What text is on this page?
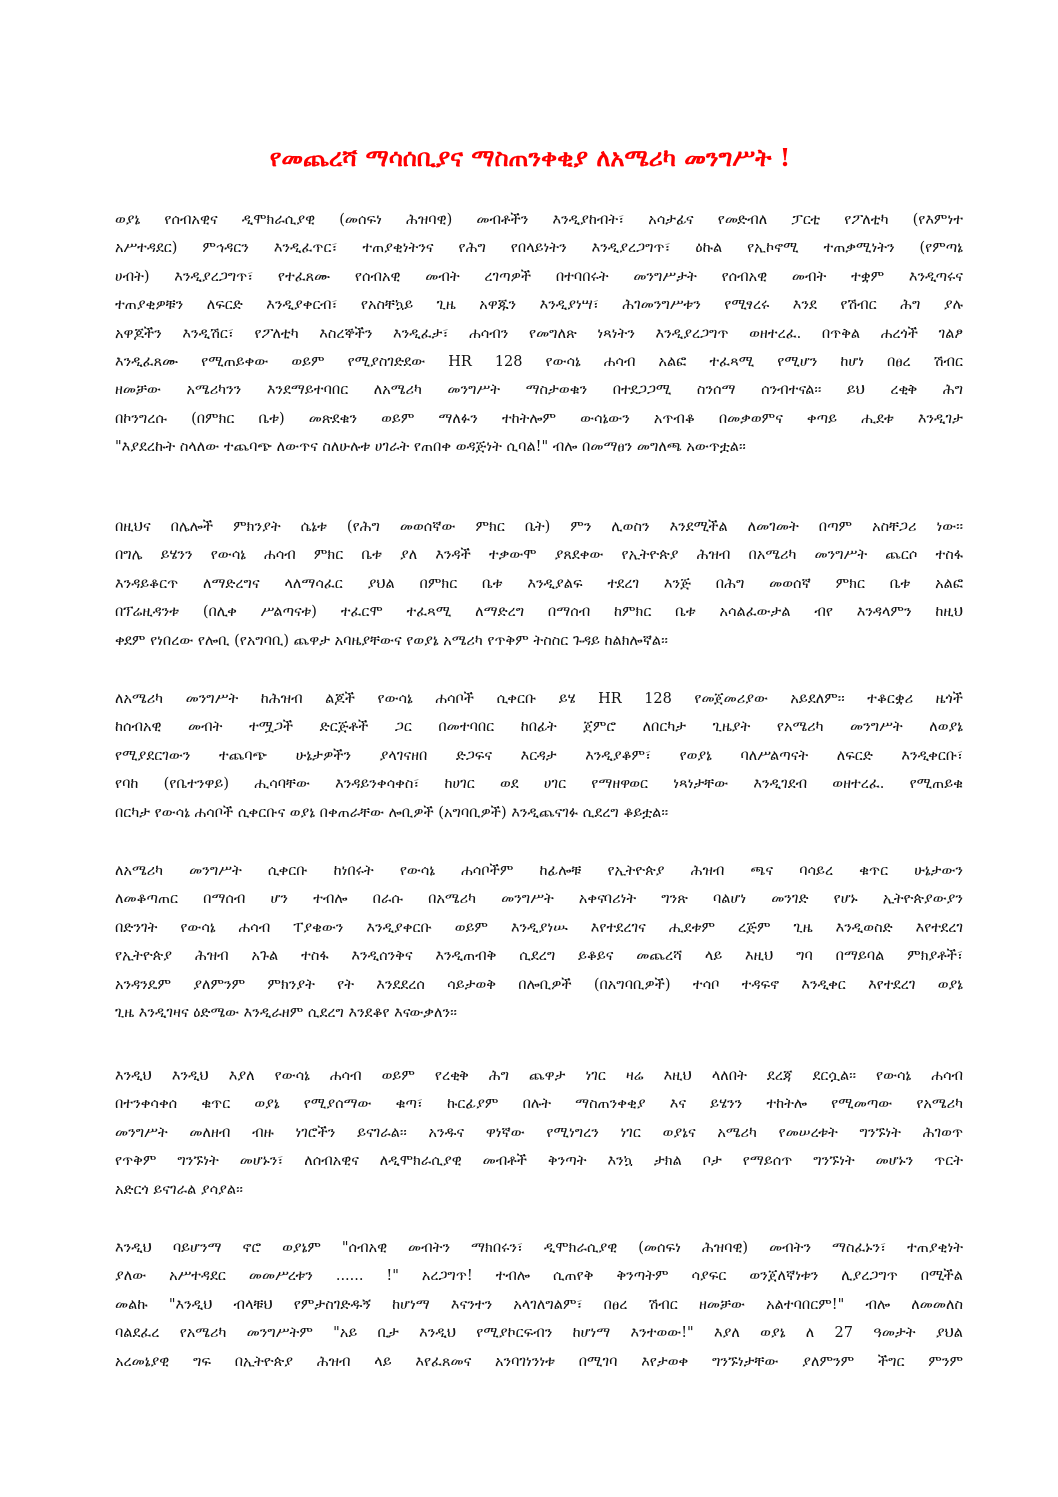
የመጨረሻ ማሳሰቢያና ማስጠንቀቂያ ለአሜሪካ መንግሥት !
ወያኔ የሰብአዊና ዲሞክራሲያዊ (መሰፍነ ሕዝባዊ) መብቶችን እንዲያከብት፣ አሳታፊና የመድብለ ፓርቲ የፖለቲካ (የእምነተ
አሥተዳደር) ምኅዳርን እንዲፈጥር፣ ተጠያቂነትንና የሕግ የበላይነትን እንዲያረጋግጥ፣ ዕኩል የኢኮኖሚ ተጠቃሚነትን (የምጣኔ
ሀብት) እንዲያረጋግጥ፣ የተፈጸሙ የሰብአዊ መብት ረገጣዎች በተባበሩት መንግሥታት የሰብአዊ መብት ተቋም እንዲጣሩና
ተጠያቂዎቹን ለፍርድ እንዲያቀርብ፣ የአስቸኳይ ጊዜ አዋጁን እንዲያነሣ፣ ሕገመንግሥቱን የሚፃረሩ እንደ የሽብር ሕግ ያሉ
አዋጆችን እንዲሽር፣ የፖለቲካ እስረኞችን እንዲፈታ፣ ሐሳብን የመግለጽ ነጻነትን እንዲያረጋግጥ ወዘተረፈ. በጥቅል ሐረጎች ገልፆ
እንዲፈጸሙ የሚጠይቀው ወይም የሚያስገድደው HR 128 የውሳኔ ሐሳብ አልፎ ተፈጻሚ የሚሆን ከሆነ በፀረ ሽብር
ዘመቻው አሜሪካንን እንደማይተባበር ለአሜሪካ መንግሥት ማስታወቁን በተደጋጋሚ ስንሰማ ሰንብተናል፡፡ ይህ ረቂቅ ሕግ
በኮንግረሱ (በምክር ቤቱ) መጽደቁን ወይም ማለፉን ተከትሎም ውሳኔውን አጥብቆ በመቃወምና ቀጣይ ሒደቱ እንዲገታ
"እያደረኩት ስላለው ተጨባጭ ለውጥና ስለሁሉቱ ሀገራት የጠበቀ ወዳጅነት ሲባል!" ብሎ በመማፀን መግለጫ አውጥቷል፡፡
በዚህና በሌሎች ምክንያት ሴኔቱ (የሕግ መወሰኛው ምክር ቤት) ምን ሊወስን እንደሚችል ለመገመት በጣም አስቸጋሪ ነው፡፡
በግሌ ይሄንን የውሳኔ ሐሳብ ምክር ቤቱ ያለ እንዳች ተቃውሞ ያጸደቀው የኢትዮጵያ ሕዝብ በአሜሪካ መንግሥት ጨርሶ ተስፋ
እንዳይቆርጥ ለማድረግና ላለማሳፈር ያህል በምክር ቤቱ እንዲያልፍ ተደረገ እንጅ በሕግ መወሰኛ ምክር ቤቱ አልፎ
በፕሬዚዳንቱ (በሊቀ ሥልጣናቱ) ተፈርሞ ተፈጻሚ ለማድረግ በማሰብ ከምክር ቤቱ አሳልፈውታል ብየ እንዳላምን ከዚህ
ቀደም የነበረው የሎቢ (የአግባቢ) ጨዋታ አባዜያቸውና የወያኔ አሜሪካ የጥቅም ትስስር ጉዳይ ከልክሎኛል፡፡
ለአሜሪካ መንግሥት ከሕዝብ ልጆች የውሳኔ ሐሳቦች ሲቀርቡ ይሄ HR 128 የመጀመሪያው አይደለም፡፡ ተቆርቋሪ ዜጎች
ከሰብአዊ መብት ተሟጋች ድርጅቶች ጋር በመተባበር ከበፊት ጀምሮ ለበርካታ ጊዜያት የአሜሪካ መንግሥት ለወያኔ
የሚያደርገውን ተጨባጭ ሁኔታዎችን ያላገናዘበ ድጋፍና እርዳታ እንዲያቆም፣ የወያኔ ባለሥልጣናት ለፍርድ እንዲቀርቡ፣
የባከ (የቤተንዋይ) ሒሳባቸው እንዳይንቀሳቀስ፣ ከሀገር ወደ ሀገር የማዘዋወር ነጻነታቸው እንዲገደብ ወዘተረፈ. የሚጠይቁ
በርካታ የውሳኔ ሐሳቦች ሲቀርቡና ወያኔ በቀጠራቸው ሎቢዎች (አግባቢዎች) እንዲጨናገፉ ሲደረግ ቆይቷል፡፡
ለአሜሪካ መንግሥት ሲቀርቡ ከነበሩት የውሳኔ ሐሳቦችም ከፊሎቹ የኢትዮጵያ ሕዝብ ጫና ባሳይረ ቁጥር ሁኔታውን
ለመቆጣጠር በማሰብ ሆን ተብሎ በራሱ በአሜሪካ መንግሥት አቀናባሪነት ግንጽ ባልሆነ መንገድ የሆኑ ኢትዮጵያውያን
በድንገት የውሳኔ ሐሳብ ፐያቄውን እንዲያቀርቡ ወይም እንዲያነሡ እየተደረገና ሒደቱም ረጅም ጊዜ እንዲወስድ እየተደረገ
የኢትዮጵያ ሕዝብ አጉል ተስፋ እንዲሰንቅና እንዲጠብቅ ሲደረግ ይቆይና መጨረሻ ላይ እዚህ ግባ በማይባል ምክያቶች፣
አንዳንዴም ያለምንም ምክንያት የት እንደደረሰ ሳይታወቅ በሎቢዎች (በአግባቢዎች) ተሳቦ ተዳፍኖ እንዲቀር እየተደረገ ወያኔ
ጊዜ እንዲገዛና ዕድሜው እንዲራዘም ሲደረግ እንደቆየ እናውቃለን፡፡
እንዲህ እንዲህ እያለ የውሳኔ ሐሳብ ወይም የረቂቅ ሕግ ጨዋታ ነገር ዛሬ እዚህ ላለበት ደረጃ ደርሷል፡፡ የውሳኔ ሐሳብ
በተንቀሳቀሰ ቁጥር ወያኔ የሚያሰማው ቁጣ፣ ኩርፊያም በሉት ማስጠንቀቂያ እና ይሄንን ተከትሎ የሚመጣው የአሜሪካ
መንግሥት መለዘብ ብዙ ነገሮችን ይናገራል፡፡ አንዱና ዋነኛው የሚነግረን ነገር ወያኔና አሜሪካ የመሠረቱት ግንኙነት ሕገወጥ
የጥቅም ግንኙነት መሆኑን፣ ለሰብአዊና ለዲሞክራሲያዊ መብቶች ቅንጣት እንኳ ታክል ቦታ የማይሰጥ ግንኙነት መሆኑን ጥርት
አድርጎ ይናገራል ያሳያል፡፡
እንዲህ ባይሆንማ ኖሮ ወያኔም "ሰብአዊ መብትን ማክበሩን፣ ዲሞክራሲያዊ (መሰፍነ ሕዝባዊ) መብትን ማስፈኑን፣ ተጠያቂነት
ያለው አሥተዳደር መመሥረቱን ...... !" አረጋግጥ! ተብሎ ሲጠየቅ ቅንጣትም ሳያፍር ወንጀለኛነቱን ሊያረጋግጥ በሚችል
መልኩ "እንዲህ ብላቹህ የምታስገድዱኝ ከሆነማ እናንተን አላገለግልም፣ በፀረ ሽብር ዘመቻው አልተባበርም!" ብሎ ለመመለስ
ባልደፈረ የአሜሪካ መንግሥትም "አይ ቢታ እንዲህ የሚያኮርፍብን ከሆነማ እንተወው!" እያለ ወያኔ ለ 27 ዓመታት ያህል
አረመኔያዊ ግፍ በኢትዮጵያ ሕዝብ ላይ እየፈጸመና አንባገነንነቱ በሚገባ እየታወቀ ግንኙነታቸው ያለምንም ችግር ምንም
